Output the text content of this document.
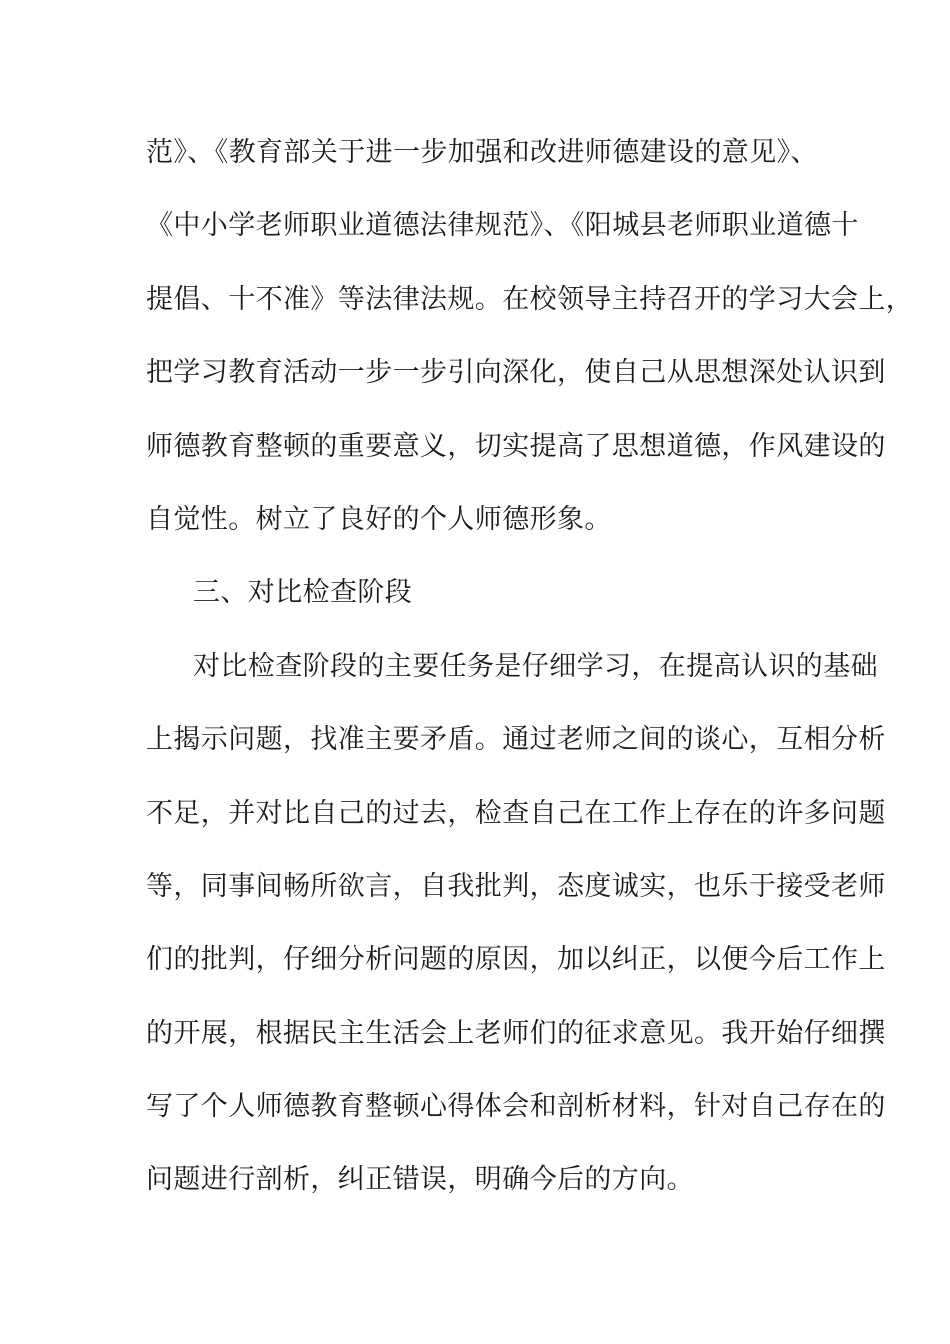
范》、《教育部关于进一步加强和改进师德建设的意见》、
《中小学老师职业道德法律规范》、《阳城县老师职业道德十
提倡、十不准》等法律法规。在校领导主持召开的学习大会上，
把学习教育活动一步一步引向深化，使自己从思想深处认识到
师德教育整顿的重要意义，切实提高了思想道德，作风建设的
自觉性。树立了良好的个人师德形象。
三、对比检查阶段
对比检查阶段的主要任务是仔细学习，在提高认识的基础
上揭示问题，找准主要矛盾。通过老师之间的谈心，互相分析
不足，并对比自己的过去，检查自己在工作上存在的许多问题
等，同事间畅所欲言，自我批判，态度诚实，也乐于接受老师
们的批判，仔细分析问题的原因，加以纠正，以便今后工作上
的开展，根据民主生活会上老师们的征求意见。我开始仔细撰
写了个人师德教育整顿心得体会和剖析材料，针对自己存在的
问题进行剖析，纠正错误，明确今后的方向。
